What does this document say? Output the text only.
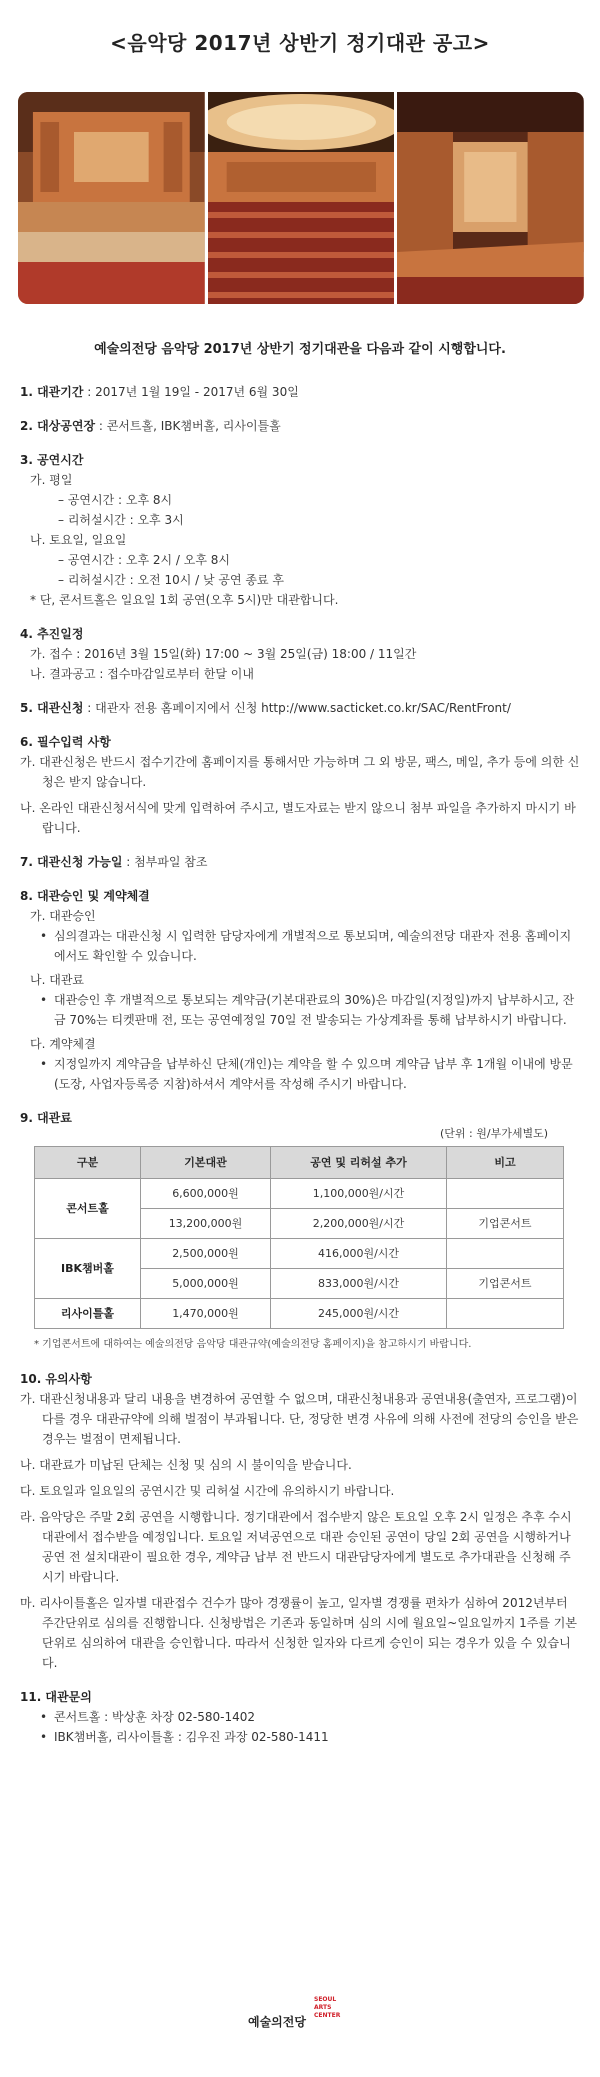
<음악당 2017년 상반기 정기대관 공고>

예술의전당 음악당 2017년 상반기 정기대관을 다음과 같이 시행합니다.

1. 대관기간 : 2017년 1월 19일 - 2017년 6월 30일
2. 대상공연장 : 콘서트홀, IBK챔버홀, 리사이틀홀
3. 공연시간
가. 평일
– 공연시간 : 오후 8시
– 리허설시간 : 오후 3시
나. 토요일, 일요일
– 공연시간 : 오후 2시 / 오후 8시
– 리허설시간 : 오전 10시 / 낮 공연 종료 후
* 단, 콘서트홀은 일요일 1회 공연(오후 5시)만 대관합니다.
4. 추진일정
가. 접수 : 2016년 3월 15일(화) 17:00 ~ 3월 25일(금) 18:00 / 11일간
나. 결과공고 : 접수마감일로부터 한달 이내
5. 대관신청 : 대관자 전용 홈페이지에서 신청 http://www.sacticket.co.kr/SAC/RentFront/
6. 필수입력 사항
가. 대관신청은 반드시 접수기간에 홈페이지를 통해서만 가능하며 그 외 방문, 팩스, 메일, 추가 등에 의한 신청은 받지 않습니다.
나. 온라인 대관신청서식에 맞게 입력하여 주시고, 별도자료는 받지 않으니 첨부 파일을 추가하지 마시기 바랍니다.
7. 대관신청 가능일 : 첨부파일 참조
8. 대관승인 및 계약체결
가. 대관승인
• 심의결과는 대관신청 시 입력한 담당자에게 개별적으로 통보되며, 예술의전당 대관자 전용 홈페이지에서도 확인할 수 있습니다.
나. 대관료
• 대관승인 후 개별적으로 통보되는 계약금(기본대관료의 30%)은 마감일(지정일)까지 납부하시고, 잔금 70%는 티켓판매 전, 또는 공연예정일 70일 전 발송되는 가상계좌를 통해 납부하시기 바랍니다.
다. 계약체결
• 지정일까지 계약금을 납부하신 단체(개인)는 계약을 할 수 있으며 계약금 납부 후 1개월 이내에 방문(도장, 사업자등록증 지참)하셔서 계약서를 작성해 주시기 바랍니다.
9. 대관료
(단위 : 원/부가세별도)
구분	기본대관	공연 및 리허설 추가	비고
콘서트홀	6,600,000원	1,100,000원/시간	
	13,200,000원	2,200,000원/시간	기업콘서트
IBK챔버홀	2,500,000원	416,000원/시간	
	5,000,000원	833,000원/시간	기업콘서트
리사이틀홀	1,470,000원	245,000원/시간	
* 기업콘서트에 대하여는 예술의전당 음악당 대관규약(예술의전당 홈페이지)을 참고하시기 바랍니다.
10. 유의사항
가. 대관신청내용과 달리 내용을 변경하여 공연할 수 없으며, 대관신청내용과 공연내용(출연자, 프로그램)이 다를 경우 대관규약에 의해 벌점이 부과됩니다. 단, 정당한 변경 사유에 의해 사전에 전당의 승인을 받은 경우는 벌점이 면제됩니다.
나. 대관료가 미납된 단체는 신청 및 심의 시 불이익을 받습니다.
다. 토요일과 일요일의 공연시간 및 리허설 시간에 유의하시기 바랍니다.
라. 음악당은 주말 2회 공연을 시행합니다. 정기대관에서 접수받지 않은 토요일 오후 2시 일정은 추후 수시대관에서 접수받을 예정입니다. 토요일 저녁공연으로 대관 승인된 공연이 당일 2회 공연을 시행하거나 공연 전 설치대관이 필요한 경우, 계약금 납부 전 반드시 대관담당자에게 별도로 추가대관을 신청해 주시기 바랍니다.
마. 리사이틀홀은 일자별 대관접수 건수가 많아 경쟁률이 높고, 일자별 경쟁률 편차가 심하여 2012년부터 주간단위로 심의를 진행합니다. 신청방법은 기존과 동일하며 심의 시에 월요일~일요일까지 1주를 기본단위로 심의하여 대관을 승인합니다. 따라서 신청한 일자와 다르게 승인이 되는 경우가 있을 수 있습니다.
11. 대관문의
• 콘서트홀 : 박상훈 차장 02-580-1402
• IBK챔버홀, 리사이틀홀 : 김우진 과장 02-580-1411
예술의전당
SEOUL
ARTS
CENTER
